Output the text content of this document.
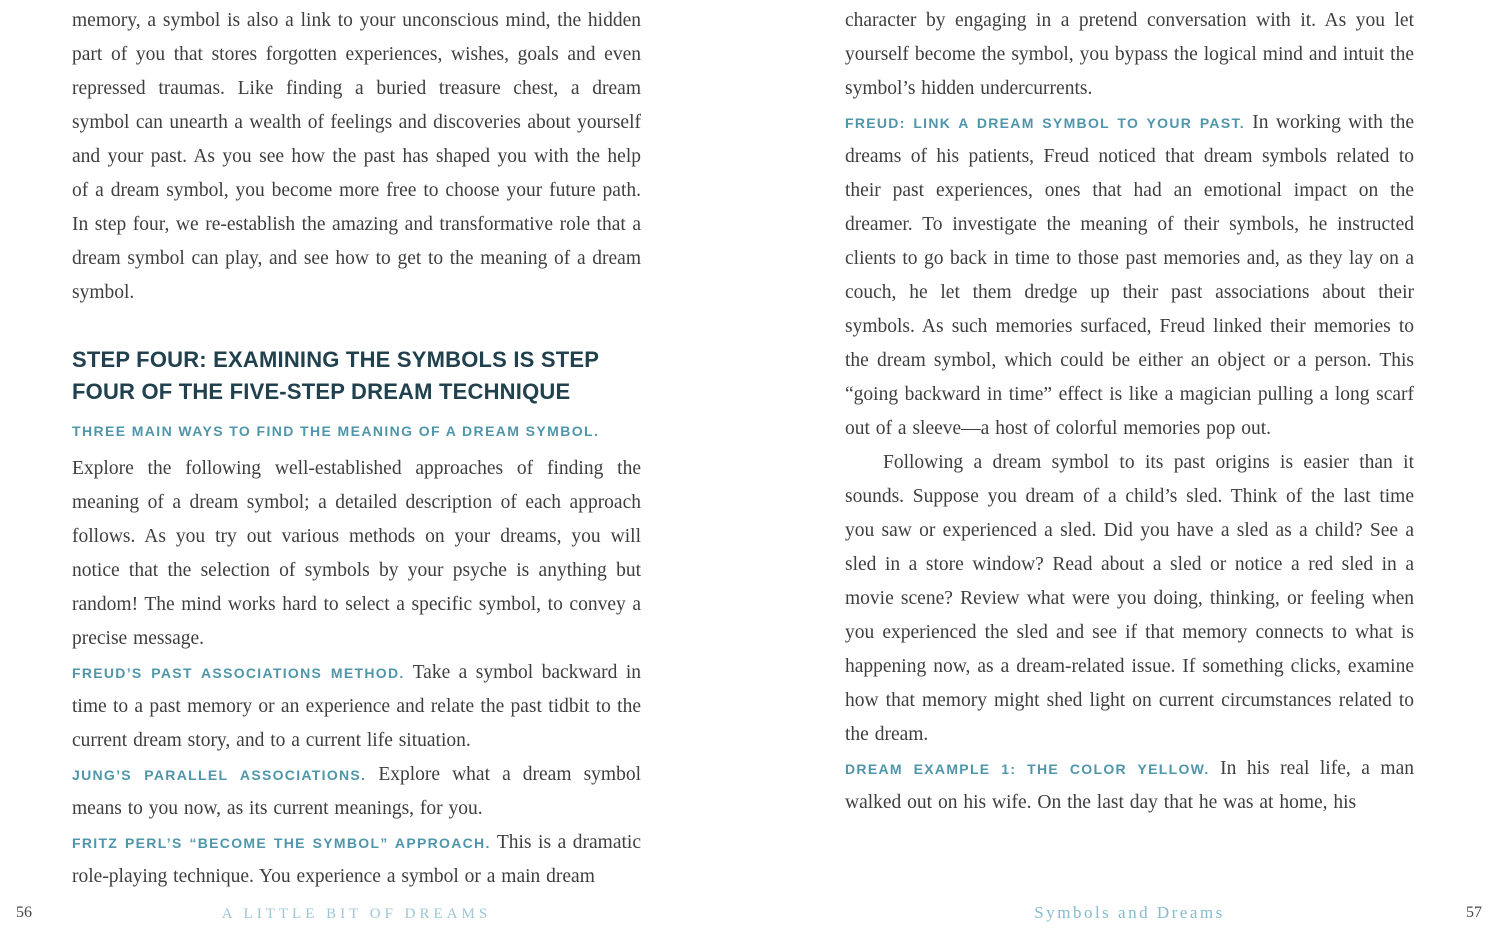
memory, a symbol is also a link to your unconscious mind, the hidden part of you that stores forgotten experiences, wishes, goals and even repressed traumas. Like finding a buried treasure chest, a dream symbol can unearth a wealth of feelings and discoveries about yourself and your past. As you see how the past has shaped you with the help of a dream symbol, you become more free to choose your future path. In step four, we re-establish the amazing and transformative role that a dream symbol can play, and see how to get to the meaning of a dream symbol.

STEP FOUR: EXAMINING THE SYMBOLS IS STEP FOUR OF THE FIVE-STEP DREAM TECHNIQUE

THREE MAIN WAYS TO FIND THE MEANING OF A DREAM SYMBOL.

Explore the following well-established approaches of finding the meaning of a dream symbol; a detailed description of each approach follows. As you try out various methods on your dreams, you will notice that the selection of symbols by your psyche is anything but random! The mind works hard to select a specific symbol, to convey a precise message.

FREUD’S PAST ASSOCIATIONS METHOD. Take a symbol backward in time to a past memory or an experience and relate the past tidbit to the current dream story, and to a current life situation.

JUNG’S PARALLEL ASSOCIATIONS. Explore what a dream symbol means to you now, as its current meanings, for you.

FRITZ PERL’S “BECOME THE SYMBOL” APPROACH. This is a dramatic role-playing technique. You experience a symbol or a main dream

character by engaging in a pretend conversation with it. As you let yourself become the symbol, you bypass the logical mind and intuit the symbol’s hidden undercurrents.

FREUD: LINK A DREAM SYMBOL TO YOUR PAST. In working with the dreams of his patients, Freud noticed that dream symbols related to their past experiences, ones that had an emotional impact on the dreamer. To investigate the meaning of their symbols, he instructed clients to go back in time to those past memories and, as they lay on a couch, he let them dredge up their past associations about their symbols. As such memories surfaced, Freud linked their memories to the dream symbol, which could be either an object or a person. This “going backward in time” effect is like a magician pulling a long scarf out of a sleeve—a host of colorful memories pop out.

Following a dream symbol to its past origins is easier than it sounds. Suppose you dream of a child’s sled. Think of the last time you saw or experienced a sled. Did you have a sled as a child? See a sled in a store window? Read about a sled or notice a red sled in a movie scene? Review what were you doing, thinking, or feeling when you experienced the sled and see if that memory connects to what is happening now, as a dream-related issue. If something clicks, examine how that memory might shed light on current circumstances related to the dream.

DREAM EXAMPLE 1: THE COLOR YELLOW. In his real life, a man walked out on his wife. On the last day that he was at home, his

56	A LITTLE BIT OF DREAMS	Symbols and Dreams	57
